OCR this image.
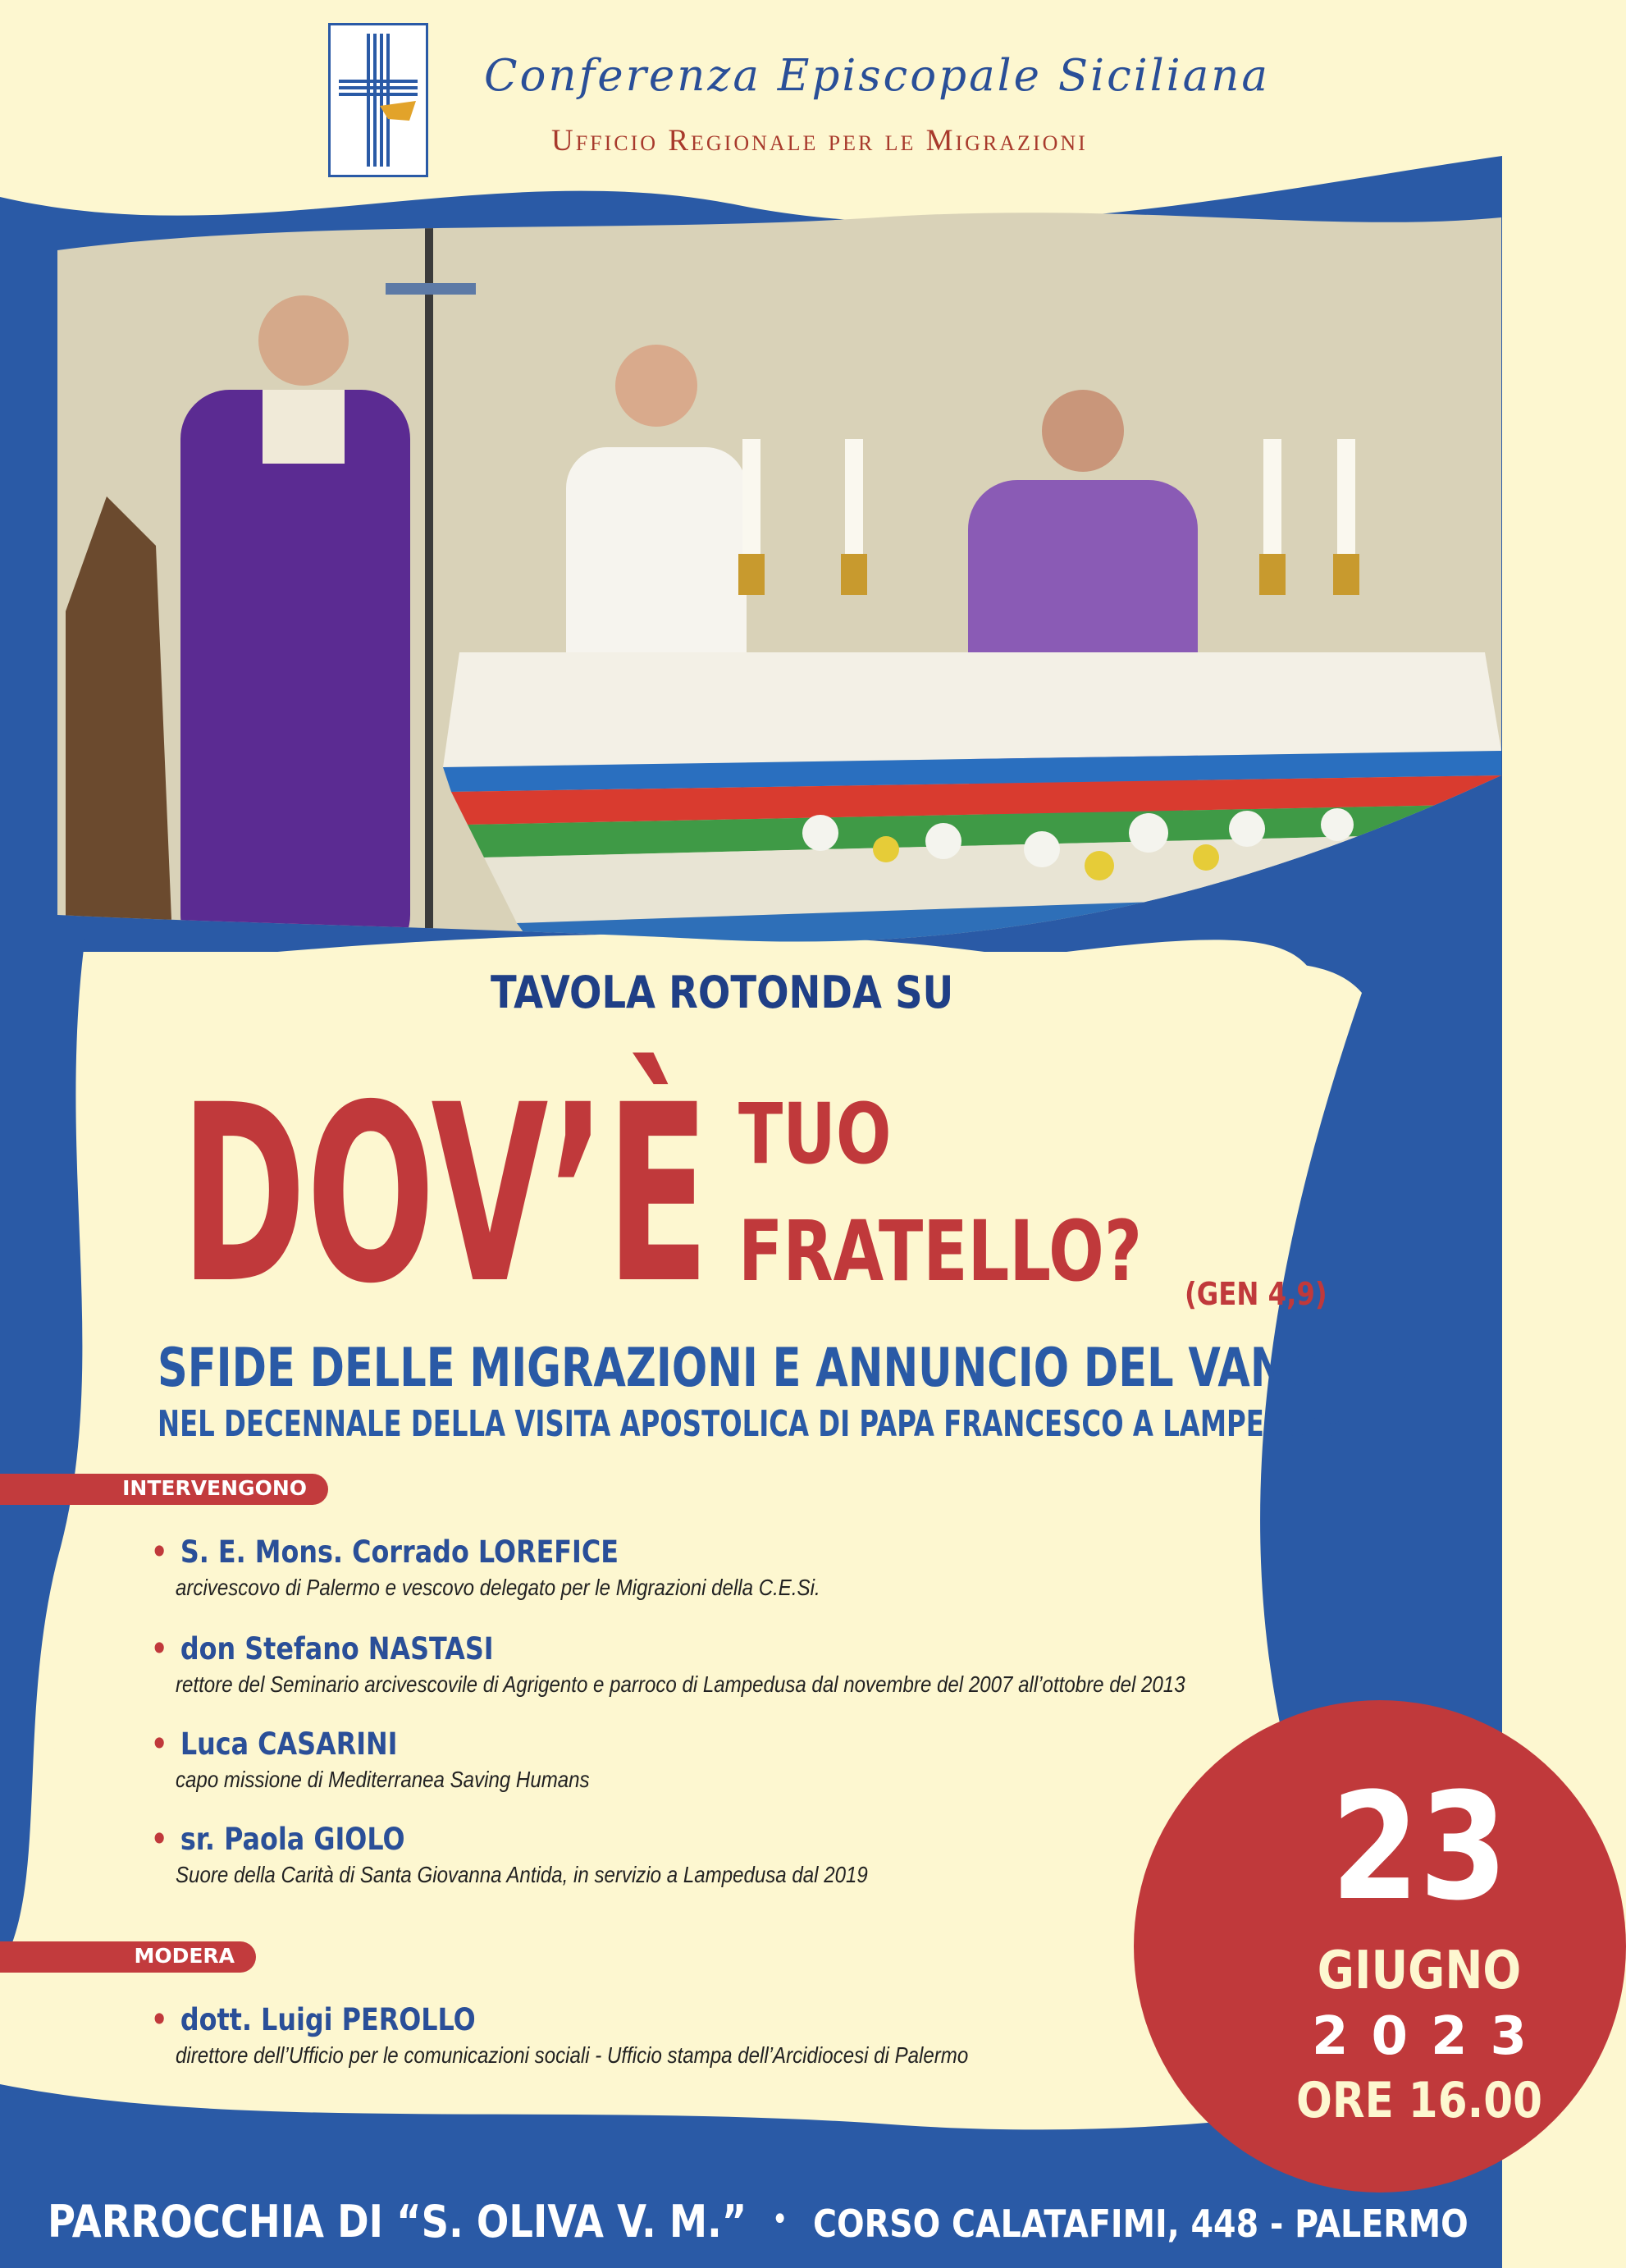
Conferenza Episcopale Siciliana
Ufficio Regionale per le Migrazioni
TAVOLA ROTONDA SU
DOV’È TUO
FRATELLO? (GEN 4,9)
SFIDE DELLE MIGRAZIONI E ANNUNCIO DEL VANGELO
NEL DECENNALE DELLA VISITA APOSTOLICA DI PAPA FRANCESCO A LAMPEDUSA
INTERVENGONO
• S. E. Mons. Corrado LOREFICE
arcivescovo di Palermo e vescovo delegato per le Migrazioni della C.E.Si.
• don Stefano NASTASI
rettore del Seminario arcivescovile di Agrigento e parroco di Lampedusa dal novembre del 2007 all’ottobre del 2013
• Luca CASARINI
capo missione di Mediterranea Saving Humans
• sr. Paola GIOLO
Suore della Carità di Santa Giovanna Antida, in servizio a Lampedusa dal 2019
MODERA
• dott. Luigi PEROLLO
direttore dell’Ufficio per le comunicazioni sociali - Ufficio stampa dell’Arcidiocesi di Palermo
23
GIUGNO
2023
ORE 16.00
PARROCCHIA DI “S. OLIVA V. M.” • CORSO CALATAFIMI, 448 - PALERMO
